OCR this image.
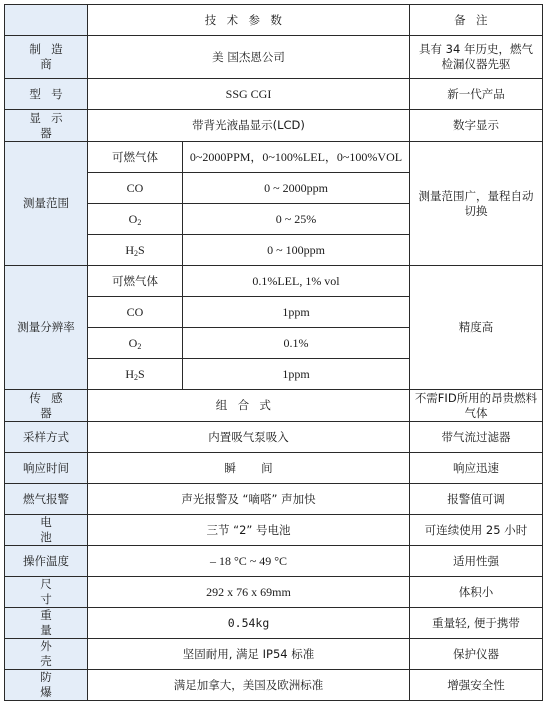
	技术参数		备注
制造商	美 国杰恩公司		具有 34 年历史，燃气检漏仪器先驱
型号	SSG CGI		新一代产品
显示器	带背光液晶显示(LCD)		数字显示
测量范围	可燃气体	0~2000PPM，0~100%LEL，0~100%VOL	测量范围广，量程自动切换
	CO	0 ~ 2000ppm	
	$O_2$	0 ~ 25%	
	$H_2S$	0 ~ 100ppm	
测量分辨率	可燃气体	0.1%LEL, 1% vol	精度高
	CO	1ppm	
	$O_2$	0.1%	
	$H_2S$	1ppm	
传感器	组合式		不需FID所用的昂贵燃料气体
采样方式	内置吸气泵吸入		带气流过滤器
响应时间	瞬间		响应迅速
燃气报警	声光报警及 “嘀嗒” 声加快		报警值可调
电池	三节 “2” 号电池		可连续使用 25 小时
操作温度	– 18 °C ~ 49 °C		适用性强
尺寸	292 x 76 x 69mm		体积小
重量	0.54kg		重量轻, 便于携带
外壳	坚固耐用, 满足 IP54 标准		保护仪器
防爆	满足加拿大，美国及欧洲标准		增强安全性
